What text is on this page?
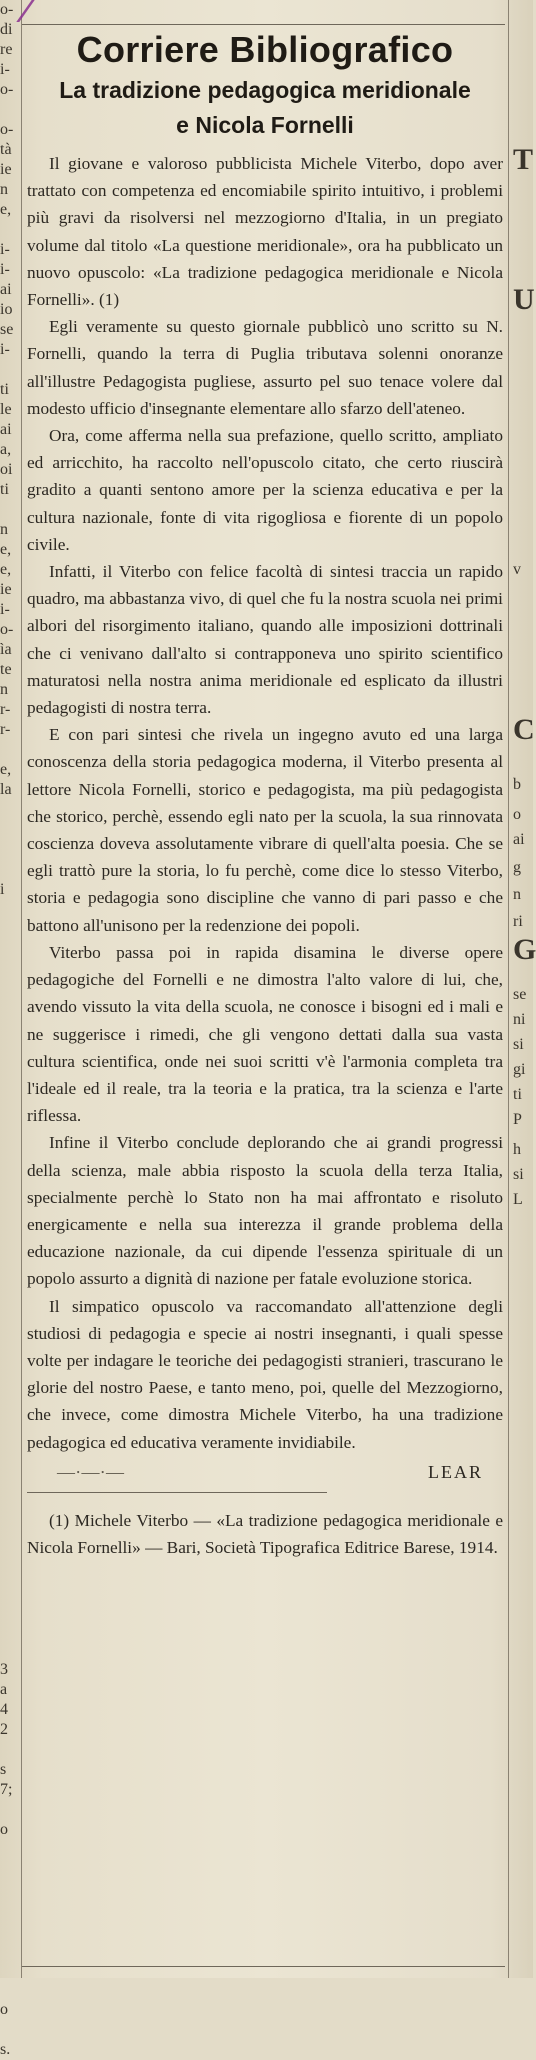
o-
di
re
i-
o-

o-
tà
ie
n
e,

i-
i-
ai
io
se
i-

ti
le
ai
a,
oi
ti

n
e,
e,
ie
i-
o-
ìa
te
n
r-
r-

e,
la

i

3
a
4
2

s
7;

o

o

s.
T
U
v
C
b
o
ai
g
n
ri
G
se
ni
si
gi
ti
P
h
si
L
Corriere Bibliografico
La tradizione pedagogica meridionale
e Nicola Fornelli

Il giovane e valoroso pubblicista Michele Viterbo, dopo aver trattato con competenza ed encomiabile spirito intuitivo, i problemi più gravi da risolversi nel mezzogiorno d'Italia, in un pregiato volume dal titolo «La questione meridionale», ora ha pubblicato un nuovo opuscolo: «La tradizione pedagogica meridionale e Nicola Fornelli». (1)

Egli veramente su questo giornale pubblicò uno scritto su N. Fornelli, quando la terra di Puglia tributava solenni onoranze all'illustre Pedagogista pugliese, assurto pel suo tenace volere dal modesto ufficio d'insegnante elementare allo sfarzo dell'ateneo.

Ora, come afferma nella sua prefazione, quello scritto, ampliato ed arricchito, ha raccolto nell'opuscolo citato, che certo riuscirà gradito a quanti sentono amore per la scienza educativa e per la cultura nazionale, fonte di vita rigogliosa e fiorente di un popolo civile.

Infatti, il Viterbo con felice facoltà di sintesi traccia un rapido quadro, ma abbastanza vivo, di quel che fu la nostra scuola nei primi albori del risorgimento italiano, quando alle imposizioni dottrinali che ci venivano dall'alto si contrapponeva uno spirito scientifico maturatosi nella nostra anima meridionale ed esplicato da illustri pedagogisti di nostra terra.

E con pari sintesi che rivela un ingegno avuto ed una larga conoscenza della storia pedagogica moderna, il Viterbo presenta al lettore Nicola Fornelli, storico e pedagogista, ma più pedagogista che storico, perchè, essendo egli nato per la scuola, la sua rinnovata coscienza doveva assolutamente vibrare di quell'alta poesia. Che se egli trattò pure la storia, lo fu perchè, come dice lo stesso Viterbo, storia e pedagogia sono discipline che vanno di pari passo e che battono all'unisono per la redenzione dei popoli.

Viterbo passa poi in rapida disamina le diverse opere pedagogiche del Fornelli e ne dimostra l'alto valore di lui, che, avendo vissuto la vita della scuola, ne conosce i bisogni ed i mali e ne suggerisce i rimedi, che gli vengono dettati dalla sua vasta cultura scientifica, onde nei suoi scritti v'è l'armonia completa tra l'ideale ed il reale, tra la teoria e la pratica, tra la scienza e l'arte riflessa.

Infine il Viterbo conclude deplorando che ai grandi progressi della scienza, male abbia risposto la scuola della terza Italia, specialmente perchè lo Stato non ha mai affrontato e risoluto energicamente e nella sua interezza il grande problema della educazione nazionale, da cui dipende l'essenza spirituale di un popolo assurto a dignità di nazione per fatale evoluzione storica.

Il simpatico opuscolo va raccomandato all'attenzione degli studiosi di pedagogia e specie ai nostri insegnanti, i quali spesse volte per indagare le teoriche dei pedagogisti stranieri, trascurano le glorie del nostro Paese, e tanto meno, poi, quelle del Mezzogiorno, che invece, come dimostra Michele Viterbo, ha una tradizione pedagogica ed educativa veramente invidiabile.

—∙—∙—	LEAR
(1) Michele Viterbo — «La tradizione pedagogica meridionale e Nicola Fornelli» — Bari, Società Tipografica Editrice Barese, 1914.
